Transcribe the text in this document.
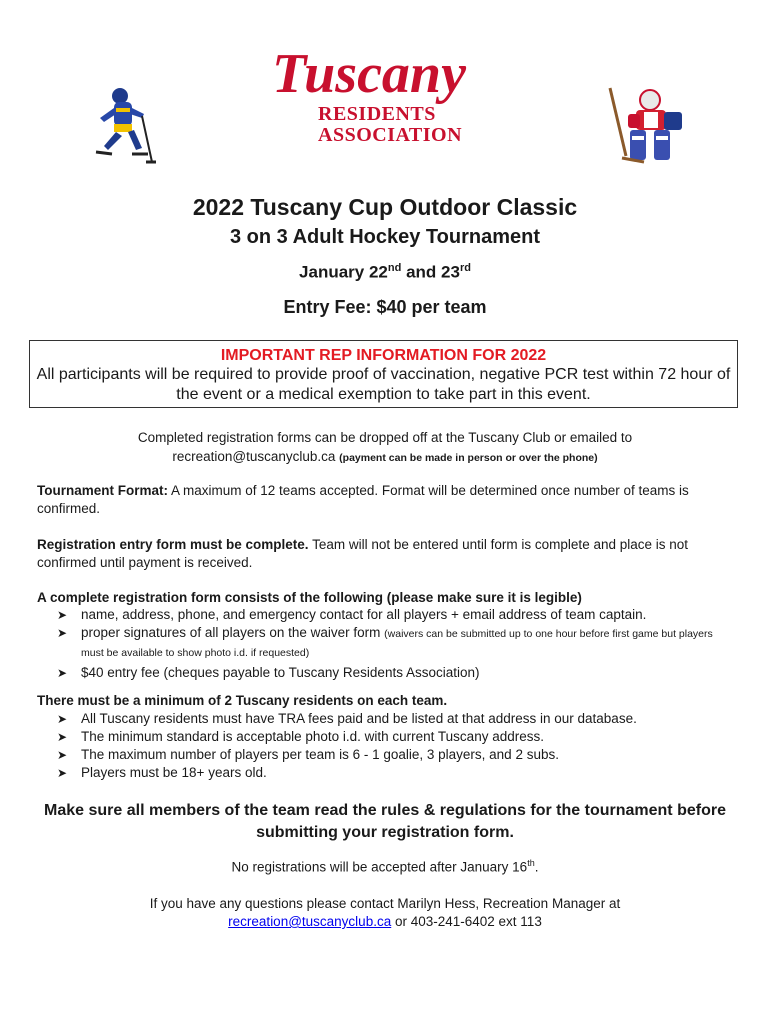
Tuscany
RESIDENTS
ASSOCIATION
2022 Tuscany Cup Outdoor Classic
3 on 3 Adult Hockey Tournament
January 22nd and 23rd
Entry Fee: $40 per team
IMPORTANT REP INFORMATION FOR 2022
All participants will be required to provide proof of vaccination, negative PCR test within 72 hour of the event or a medical exemption to take part in this event.
Completed registration forms can be dropped off at the Tuscany Club or emailed to
recreation@tuscanyclub.ca (payment can be made in person or over the phone)
Tournament Format: A maximum of 12 teams accepted. Format will be determined once number of teams is confirmed.
Registration entry form must be complete. Team will not be entered until form is complete and place is not confirmed until payment is received.
A complete registration form consists of the following (please make sure it is legible)
➤ name, address, phone, and emergency contact for all players + email address of team captain.
➤ proper signatures of all players on the waiver form (waivers can be submitted up to one hour before first game but players must be available to show photo i.d. if requested)
➤ $40 entry fee (cheques payable to Tuscany Residents Association)
There must be a minimum of 2 Tuscany residents on each team.
➤ All Tuscany residents must have TRA fees paid and be listed at that address in our database.
➤ The minimum standard is acceptable photo i.d. with current Tuscany address.
➤ The maximum number of players per team is 6 - 1 goalie, 3 players, and 2 subs.
➤ Players must be 18+ years old.
Make sure all members of the team read the rules & regulations for the tournament before submitting your registration form.
No registrations will be accepted after January 16th.
If you have any questions please contact Marilyn Hess, Recreation Manager at
recreation@tuscanyclub.ca or 403-241-6402 ext 113
